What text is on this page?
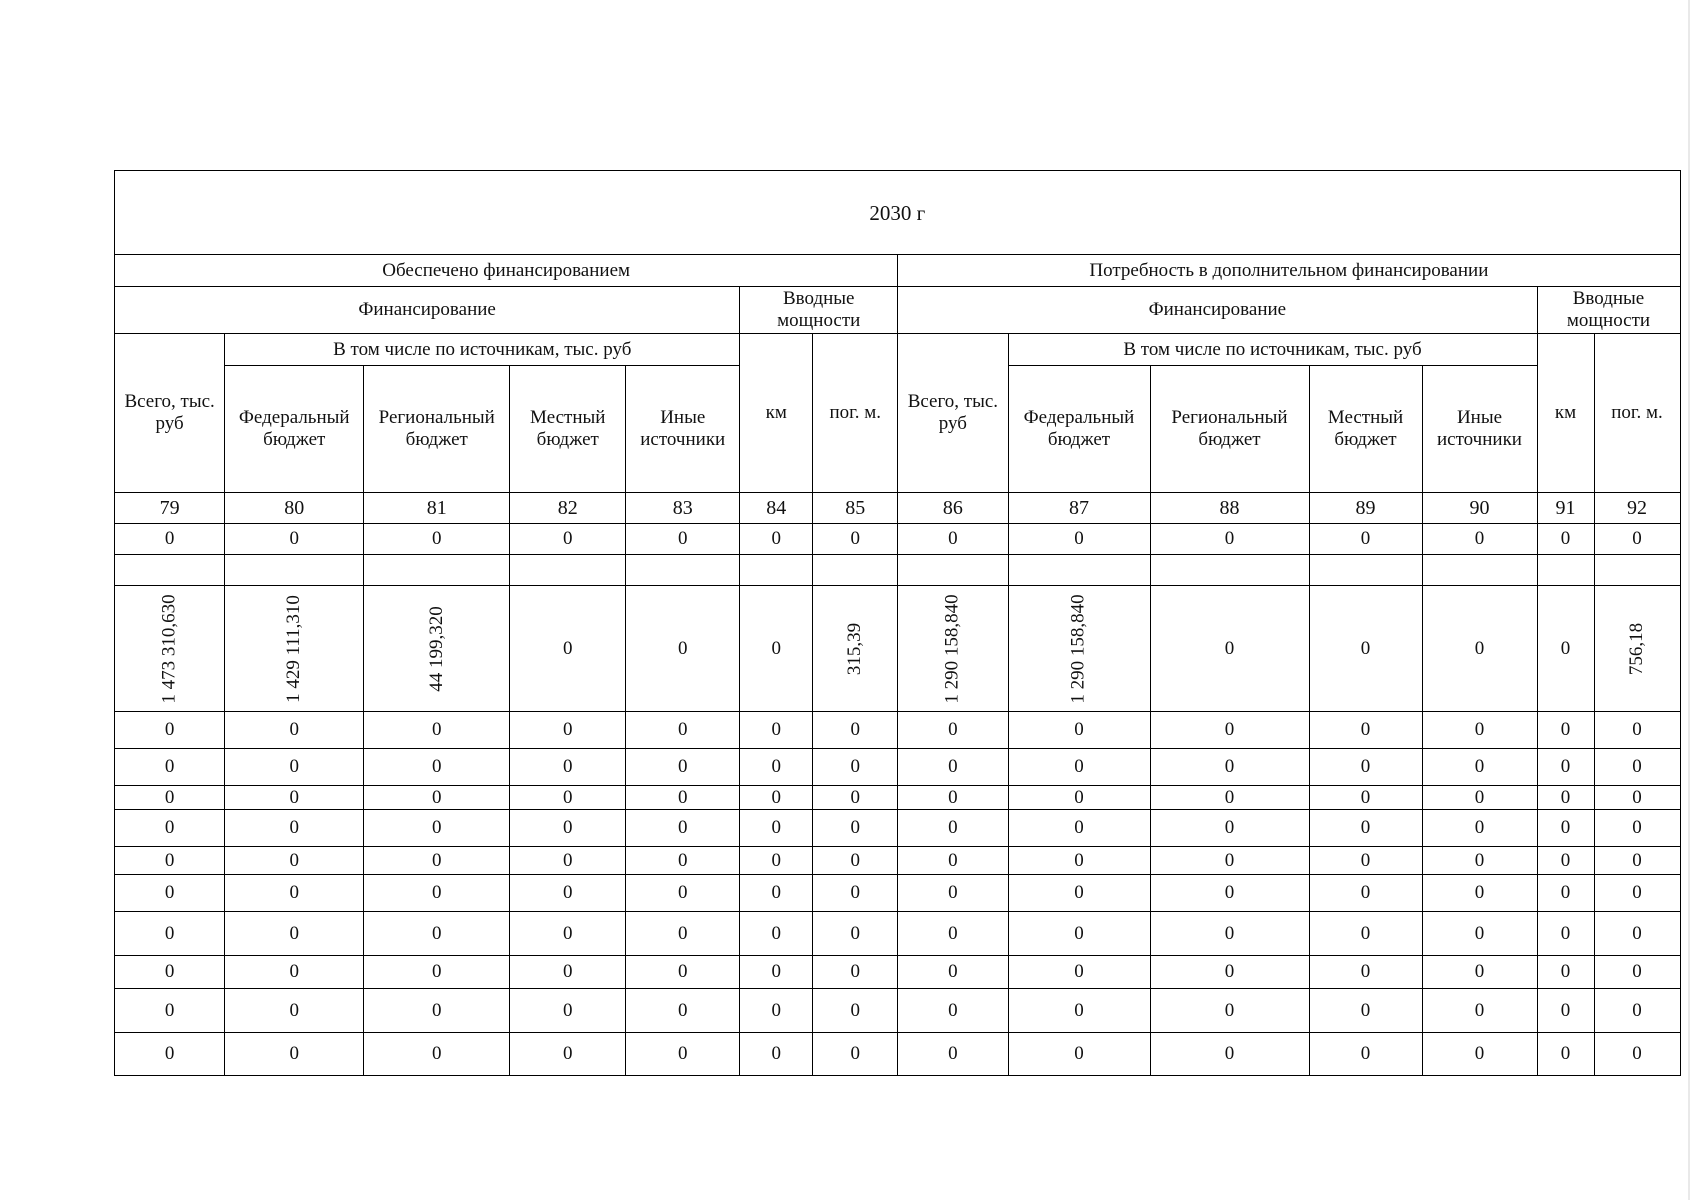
2030 г													
Обеспечено финансированием							Потребность в дополнительном финансировании						
Финансирование					Вводные мощности		Финансирование					Вводные мощности	
Всего, тыс. руб	В том числе по источникам, тыс. руб				км	пог. м.	Всего, тыс. руб	В том числе по источникам, тыс. руб				км	пог. м.
	Федеральный бюджет	Региональный бюджет	Местный бюджет	Иные источники				Федеральный бюджет	Региональный бюджет	Местный бюджет	Иные источники		
79	80	81	82	83	84	85	86	87	88	89	90	91	92
0	0	0	0	0	0	0	0	0	0	0	0	0	0

1 473 310,630	1 429 111,310	44 199,320	0	0	0	315,39	1 290 158,840	1 290 158,840	0	0	0	0	756,18
0	0	0	0	0	0	0	0	0	0	0	0	0	0
0	0	0	0	0	0	0	0	0	0	0	0	0	0
0	0	0	0	0	0	0	0	0	0	0	0	0	0
0	0	0	0	0	0	0	0	0	0	0	0	0	0
0	0	0	0	0	0	0	0	0	0	0	0	0	0
0	0	0	0	0	0	0	0	0	0	0	0	0	0
0	0	0	0	0	0	0	0	0	0	0	0	0	0
0	0	0	0	0	0	0	0	0	0	0	0	0	0
0	0	0	0	0	0	0	0	0	0	0	0	0	0
0	0	0	0	0	0	0	0	0	0	0	0	0	0
